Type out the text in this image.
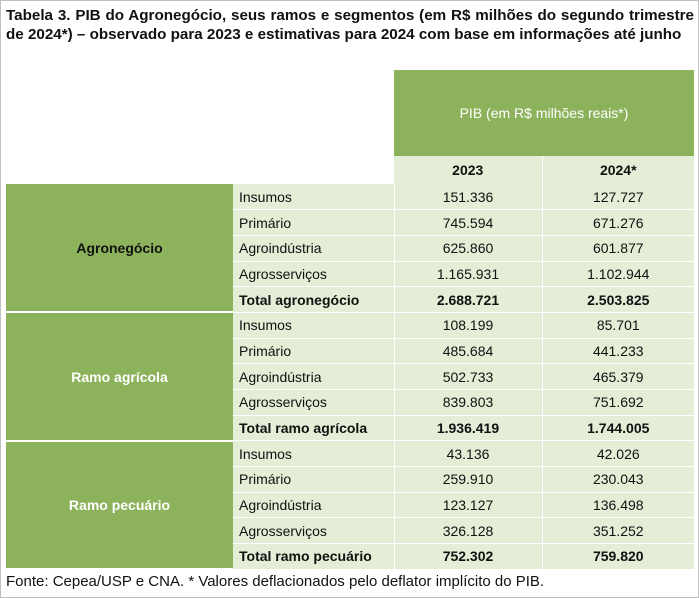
Tabela 3. PIB do Agronegócio, seus ramos e segmentos (em R$ milhões do segundo trimestre de 2024*) – observado para 2023 e estimativas para 2024 com base em informações até junho
		PIB (em R$ milhões reais*)	
		2023	2024*
Agronegócio	Insumos	151.336	127.727
	Primário	745.594	671.276
	Agroindústria	625.860	601.877
	Agrosserviços	1.165.931	1.102.944
	Total agronegócio	2.688.721	2.503.825
Ramo agrícola	Insumos	108.199	85.701
	Primário	485.684	441.233
	Agroindústria	502.733	465.379
	Agrosserviços	839.803	751.692
	Total ramo agrícola	1.936.419	1.744.005
Ramo pecuário	Insumos	43.136	42.026
	Primário	259.910	230.043
	Agroindústria	123.127	136.498
	Agrosserviços	326.128	351.252
	Total ramo pecuário	752.302	759.820
Fonte: Cepea/USP e CNA. * Valores deflacionados pelo deflator implícito do PIB.
